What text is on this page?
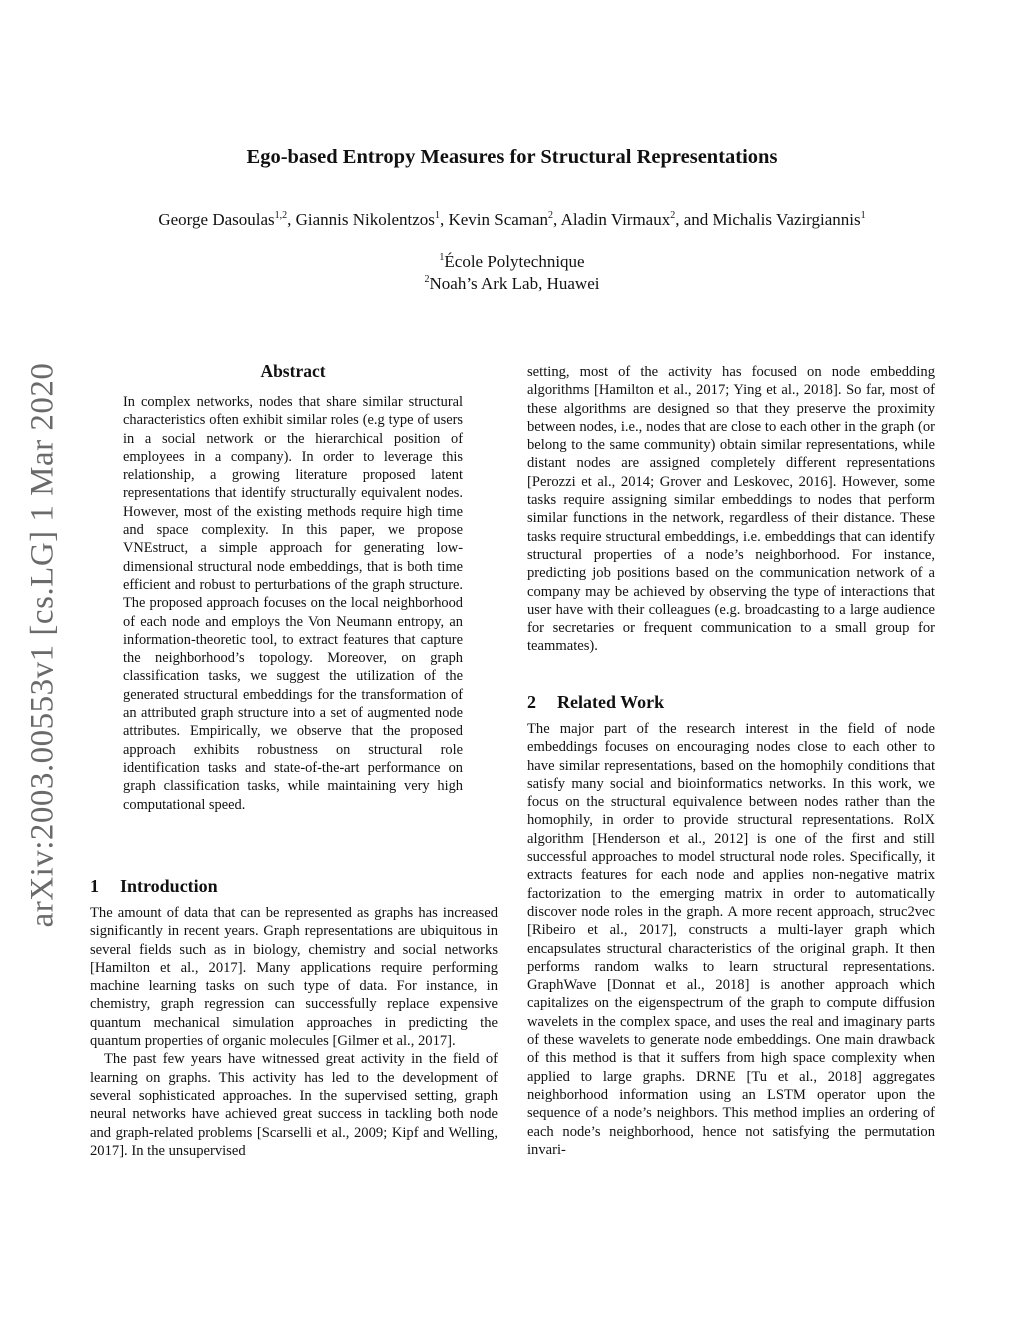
Ego-based Entropy Measures for Structural Representations
George Dasoulas$^{1,2}$, Giannis Nikolentzos$^1$, Kevin Scaman$^2$, Aladin Virmaux$^2$, and Michalis Vazirgiannis$^1$
$^1$École Polytechnique
$^2$Noah’s Ark Lab, Huawei
arXiv:2003.00553v1 [cs.LG] 1 Mar 2020	Abstract
In complex networks, nodes that share similar structural characteristics often exhibit similar roles (e.g type of users in a social network or the hierarchical position of employees in a company). In order to leverage this relationship, a growing literature proposed latent representations that identify structurally equivalent nodes. However, most of the existing methods require high time and space complexity. In this paper, we propose VNEstruct, a simple approach for generating low-dimensional structural node embeddings, that is both time efficient and robust to perturbations of the graph structure. The proposed approach focuses on the local neighborhood of each node and employs the Von Neumann entropy, an information-theoretic tool, to extract features that capture the neighborhood’s topology. Moreover, on graph classification tasks, we suggest the utilization of the generated structural embeddings for the transformation of an attributed graph structure into a set of augmented node attributes. Empirically, we observe that the proposed approach exhibits robustness on structural role identification tasks and state-of-the-art performance on graph classification tasks, while maintaining very high computational speed.
1 Introduction

The amount of data that can be represented as graphs has increased significantly in recent years. Graph representations are ubiquitous in several fields such as in biology, chemistry and social networks [Hamilton et al., 2017]. Many applications require performing machine learning tasks on such type of data. For instance, in chemistry, graph regression can successfully replace expensive quantum mechanical simulation approaches in predicting the quantum properties of organic molecules [Gilmer et al., 2017].

The past few years have witnessed great activity in the field of learning on graphs. This activity has led to the development of several sophisticated approaches. In the supervised setting, graph neural networks have achieved great success in tackling both node and graph-related problems [Scarselli et al., 2009; Kipf and Welling, 2017]. In the unsupervised

setting, most of the activity has focused on node embedding algorithms [Hamilton et al., 2017; Ying et al., 2018]. So far, most of these algorithms are designed so that they preserve the proximity between nodes, i.e., nodes that are close to each other in the graph (or belong to the same community) obtain similar representations, while distant nodes are assigned completely different representations [Perozzi et al., 2014; Grover and Leskovec, 2016]. However, some tasks require assigning similar embeddings to nodes that perform similar functions in the network, regardless of their distance. These tasks require structural embeddings, i.e. embeddings that can identify structural properties of a node’s neighborhood. For instance, predicting job positions based on the communication network of a company may be achieved by observing the type of interactions that user have with their colleagues (e.g. broadcasting to a large audience for secretaries or frequent communication to a small group for teammates).

2 Related Work

The major part of the research interest in the field of node embeddings focuses on encouraging nodes close to each other to have similar representations, based on the homophily conditions that satisfy many social and bioinformatics networks. In this work, we focus on the structural equivalence between nodes rather than the homophily, in order to provide structural representations. RolX algorithm [Henderson et al., 2012] is one of the first and still successful approaches to model structural node roles. Specifically, it extracts features for each node and applies non-negative matrix factorization to the emerging matrix in order to automatically discover node roles in the graph. A more recent approach, struc2vec [Ribeiro et al., 2017], constructs a multi-layer graph which encapsulates structural characteristics of the original graph. It then performs random walks to learn structural representations. GraphWave [Donnat et al., 2018] is another approach which capitalizes on the eigenspectrum of the graph to compute diffusion wavelets in the complex space, and uses the real and imaginary parts of these wavelets to generate node embeddings. One main drawback of this method is that it suffers from high space complexity when applied to large graphs. DRNE [Tu et al., 2018] aggregates neighborhood information using an LSTM operator upon the sequence of a node’s neighbors. This method implies an ordering of each node’s neighborhood, hence not satisfying the permutation invari-
